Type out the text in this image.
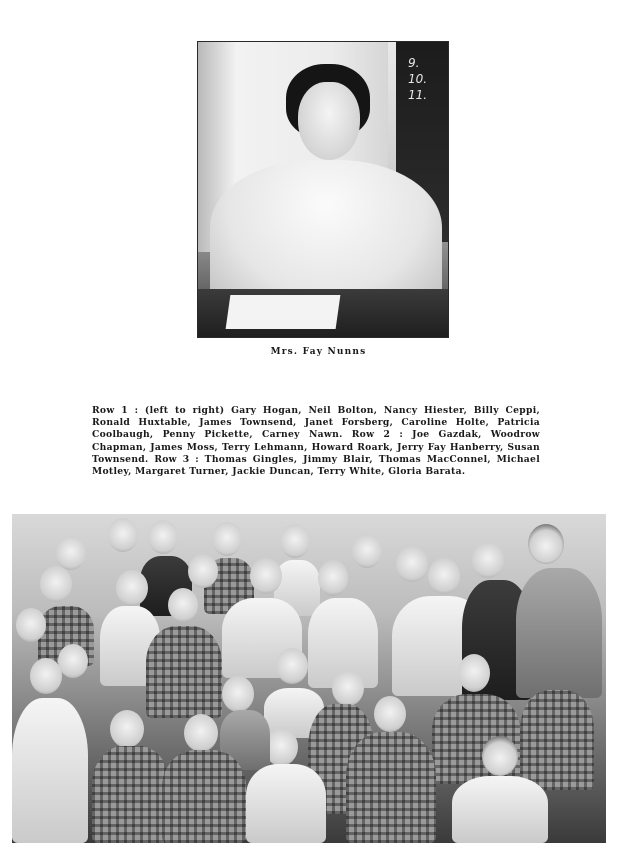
9.
10.
11.
Mrs. Fay Nunns
Row 1 : (left to right) Gary Hogan, Neil Bolton, Nancy Hiester, Billy Ceppi, Ronald Huxtable, James Townsend, Janet Forsberg, Caroline Holte, Patricia Coolbaugh, Penny Pickette, Carney Nawn. Row 2 : Joe Gazdak, Woodrow Chapman, James Moss, Terry Lehmann, Howard Roark, Jerry Fay Hanberry, Susan Townsend. Row 3 : Thomas Gingles, Jimmy Blair, Thomas MacConnel, Michael Motley, Margaret Turner, Jackie Duncan, Terry White, Gloria Barata.
